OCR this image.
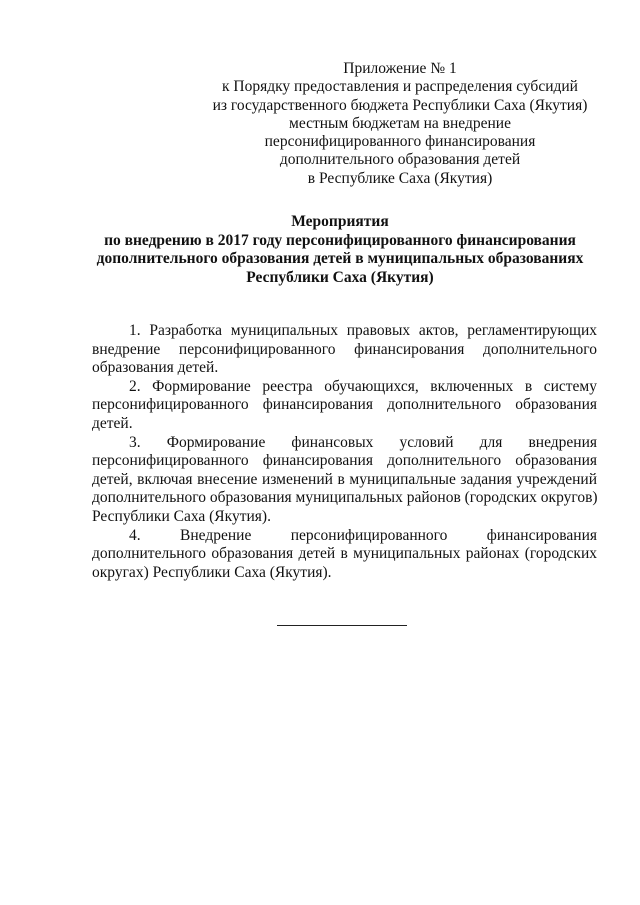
Приложение № 1
к Порядку предоставления и распределения субсидий
из государственного бюджета Республики Саха (Якутия)
местным бюджетам на внедрение
персонифицированного финансирования
дополнительного образования детей
в Республике Саха (Якутия)
Мероприятия
по внедрению в 2017 году персонифицированного финансирования
дополнительного образования детей в муниципальных образованиях
Республики Саха (Якутия)

1. Разработка муниципальных правовых актов, регламентирующих
внедрение персонифицированного финансирования дополнительного
образования детей.

2. Формирование реестра обучающихся, включенных в систему
персонифицированного финансирования дополнительного образования
детей.

3. Формирование финансовых условий для внедрения
персонифицированного финансирования дополнительного образования
детей, включая внесение изменений в муниципальные задания учреждений
дополнительного образования муниципальных районов (городских округов)
Республики Саха (Якутия).

4. Внедрение персонифицированного финансирования
дополнительного образования детей в муниципальных районах (городских
округах) Республики Саха (Якутия).
